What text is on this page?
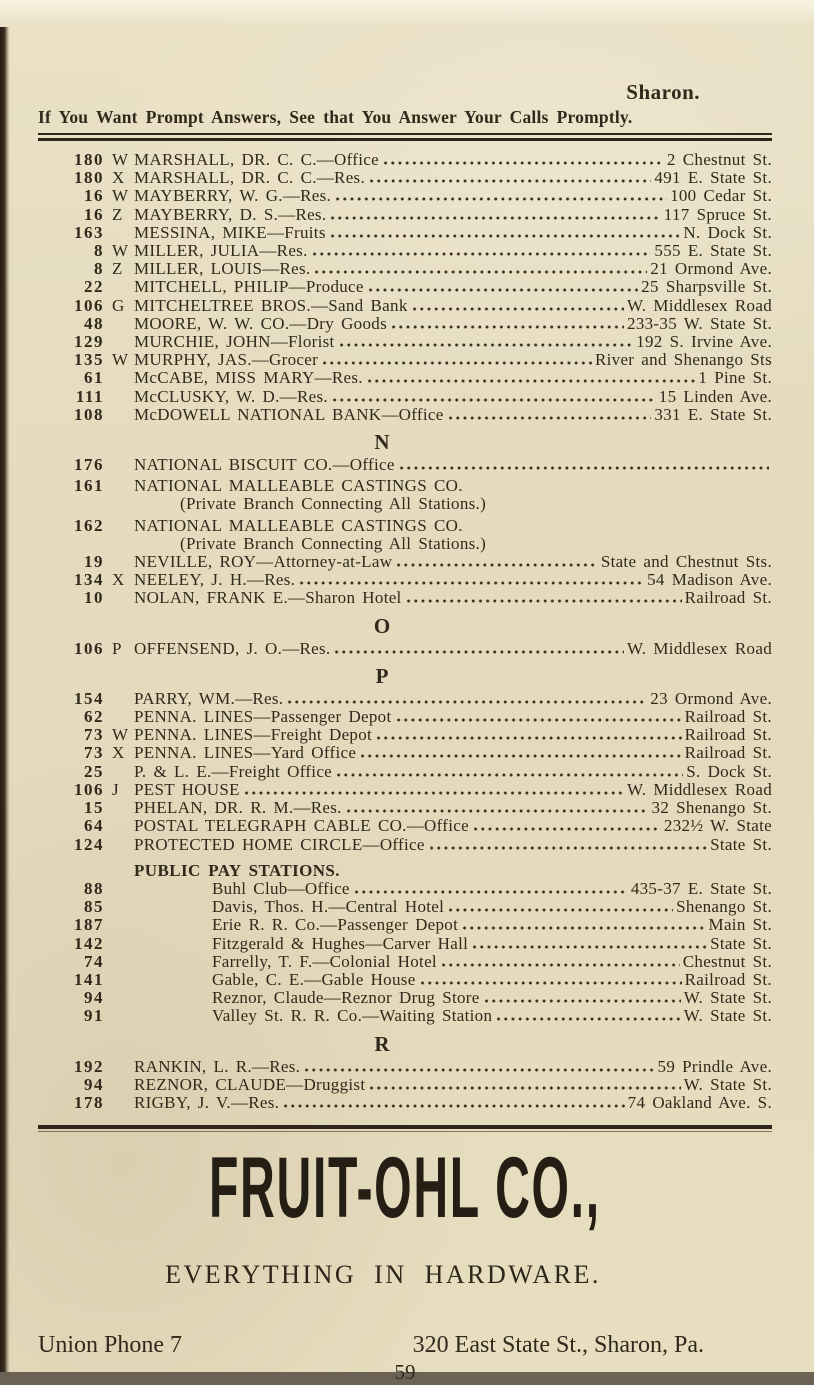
Sharon.
If You Want Prompt Answers, See that You Answer Your Calls Promptly.
180 W MARSHALL, DR. C. C.—Office	2 Chestnut St.
180 X MARSHALL, DR. C. C.—Res.	491 E. State St.
16 W MAYBERRY, W. G.—Res.	100 Cedar St.
16 Z MAYBERRY, D. S.—Res.	117 Spruce St.
163 MESSINA, MIKE—Fruits	N. Dock St.
8 W MILLER, JULIA—Res.	555 E. State St.
8 Z MILLER, LOUIS—Res.	21 Ormond Ave.
22 MITCHELL, PHILIP—Produce	25 Sharpsville St.
106 G MITCHELTREE BROS.—Sand Bank	W. Middlesex Road
48 MOORE, W. W. CO.—Dry Goods	233-35 W. State St.
129 MURCHIE, JOHN—Florist	192 S. Irvine Ave.
135 W MURPHY, JAS.—Grocer	River and Shenango Sts
61 McCABE, MISS MARY—Res.	1 Pine St.
111 McCLUSKY, W. D.—Res.	15 Linden Ave.
108 McDOWELL NATIONAL BANK—Office	331 E. State St.
N
176 NATIONAL BISCUIT CO.—Office
161 NATIONAL MALLEABLE CASTINGS CO.
(Private Branch Connecting All Stations.)
162 NATIONAL MALLEABLE CASTINGS CO.
(Private Branch Connecting All Stations.)
19 NEVILLE, ROY—Attorney-at-Law	State and Chestnut Sts.
134 X NEELEY, J. H.—Res.	54 Madison Ave.
10 NOLAN, FRANK E.—Sharon Hotel	Railroad St.
O
106 P OFFENSEND, J. O.—Res.	W. Middlesex Road
P
154 PARRY, WM.—Res.	23 Ormond Ave.
62 PENNA. LINES—Passenger Depot	Railroad St.
73 W PENNA. LINES—Freight Depot	Railroad St.
73 X PENNA. LINES—Yard Office	Railroad St.
25 P. & L. E.—Freight Office	S. Dock St.
106 J PEST HOUSE	W. Middlesex Road
15 PHELAN, DR. R. M.—Res.	32 Shenango St.
64 POSTAL TELEGRAPH CABLE CO.—Office	232½ W. State
124 PROTECTED HOME CIRCLE—Office	State St.
PUBLIC PAY STATIONS.
88	Buhl Club—Office	435-37 E. State St.
85	Davis, Thos. H.—Central Hotel	Shenango St.
187	Erie R. R. Co.—Passenger Depot	Main St.
142	Fitzgerald & Hughes—Carver Hall	State St.
74	Farrelly, T. F.—Colonial Hotel	Chestnut St.
141	Gable, C. E.—Gable House	Railroad St.
94	Reznor, Claude—Reznor Drug Store	W. State St.
91	Valley St. R. R. Co.—Waiting Station	W. State St.
R
192 RANKIN, L. R.—Res.	59 Prindle Ave.
94 REZNOR, CLAUDE—Druggist	W. State St.
178 RIGBY, J. V.—Res.	74 Oakland Ave. S.
FRUIT-OHL CO.,
EVERYTHING IN HARDWARE.
Union Phone 7	320 East State St., Sharon, Pa.
59
